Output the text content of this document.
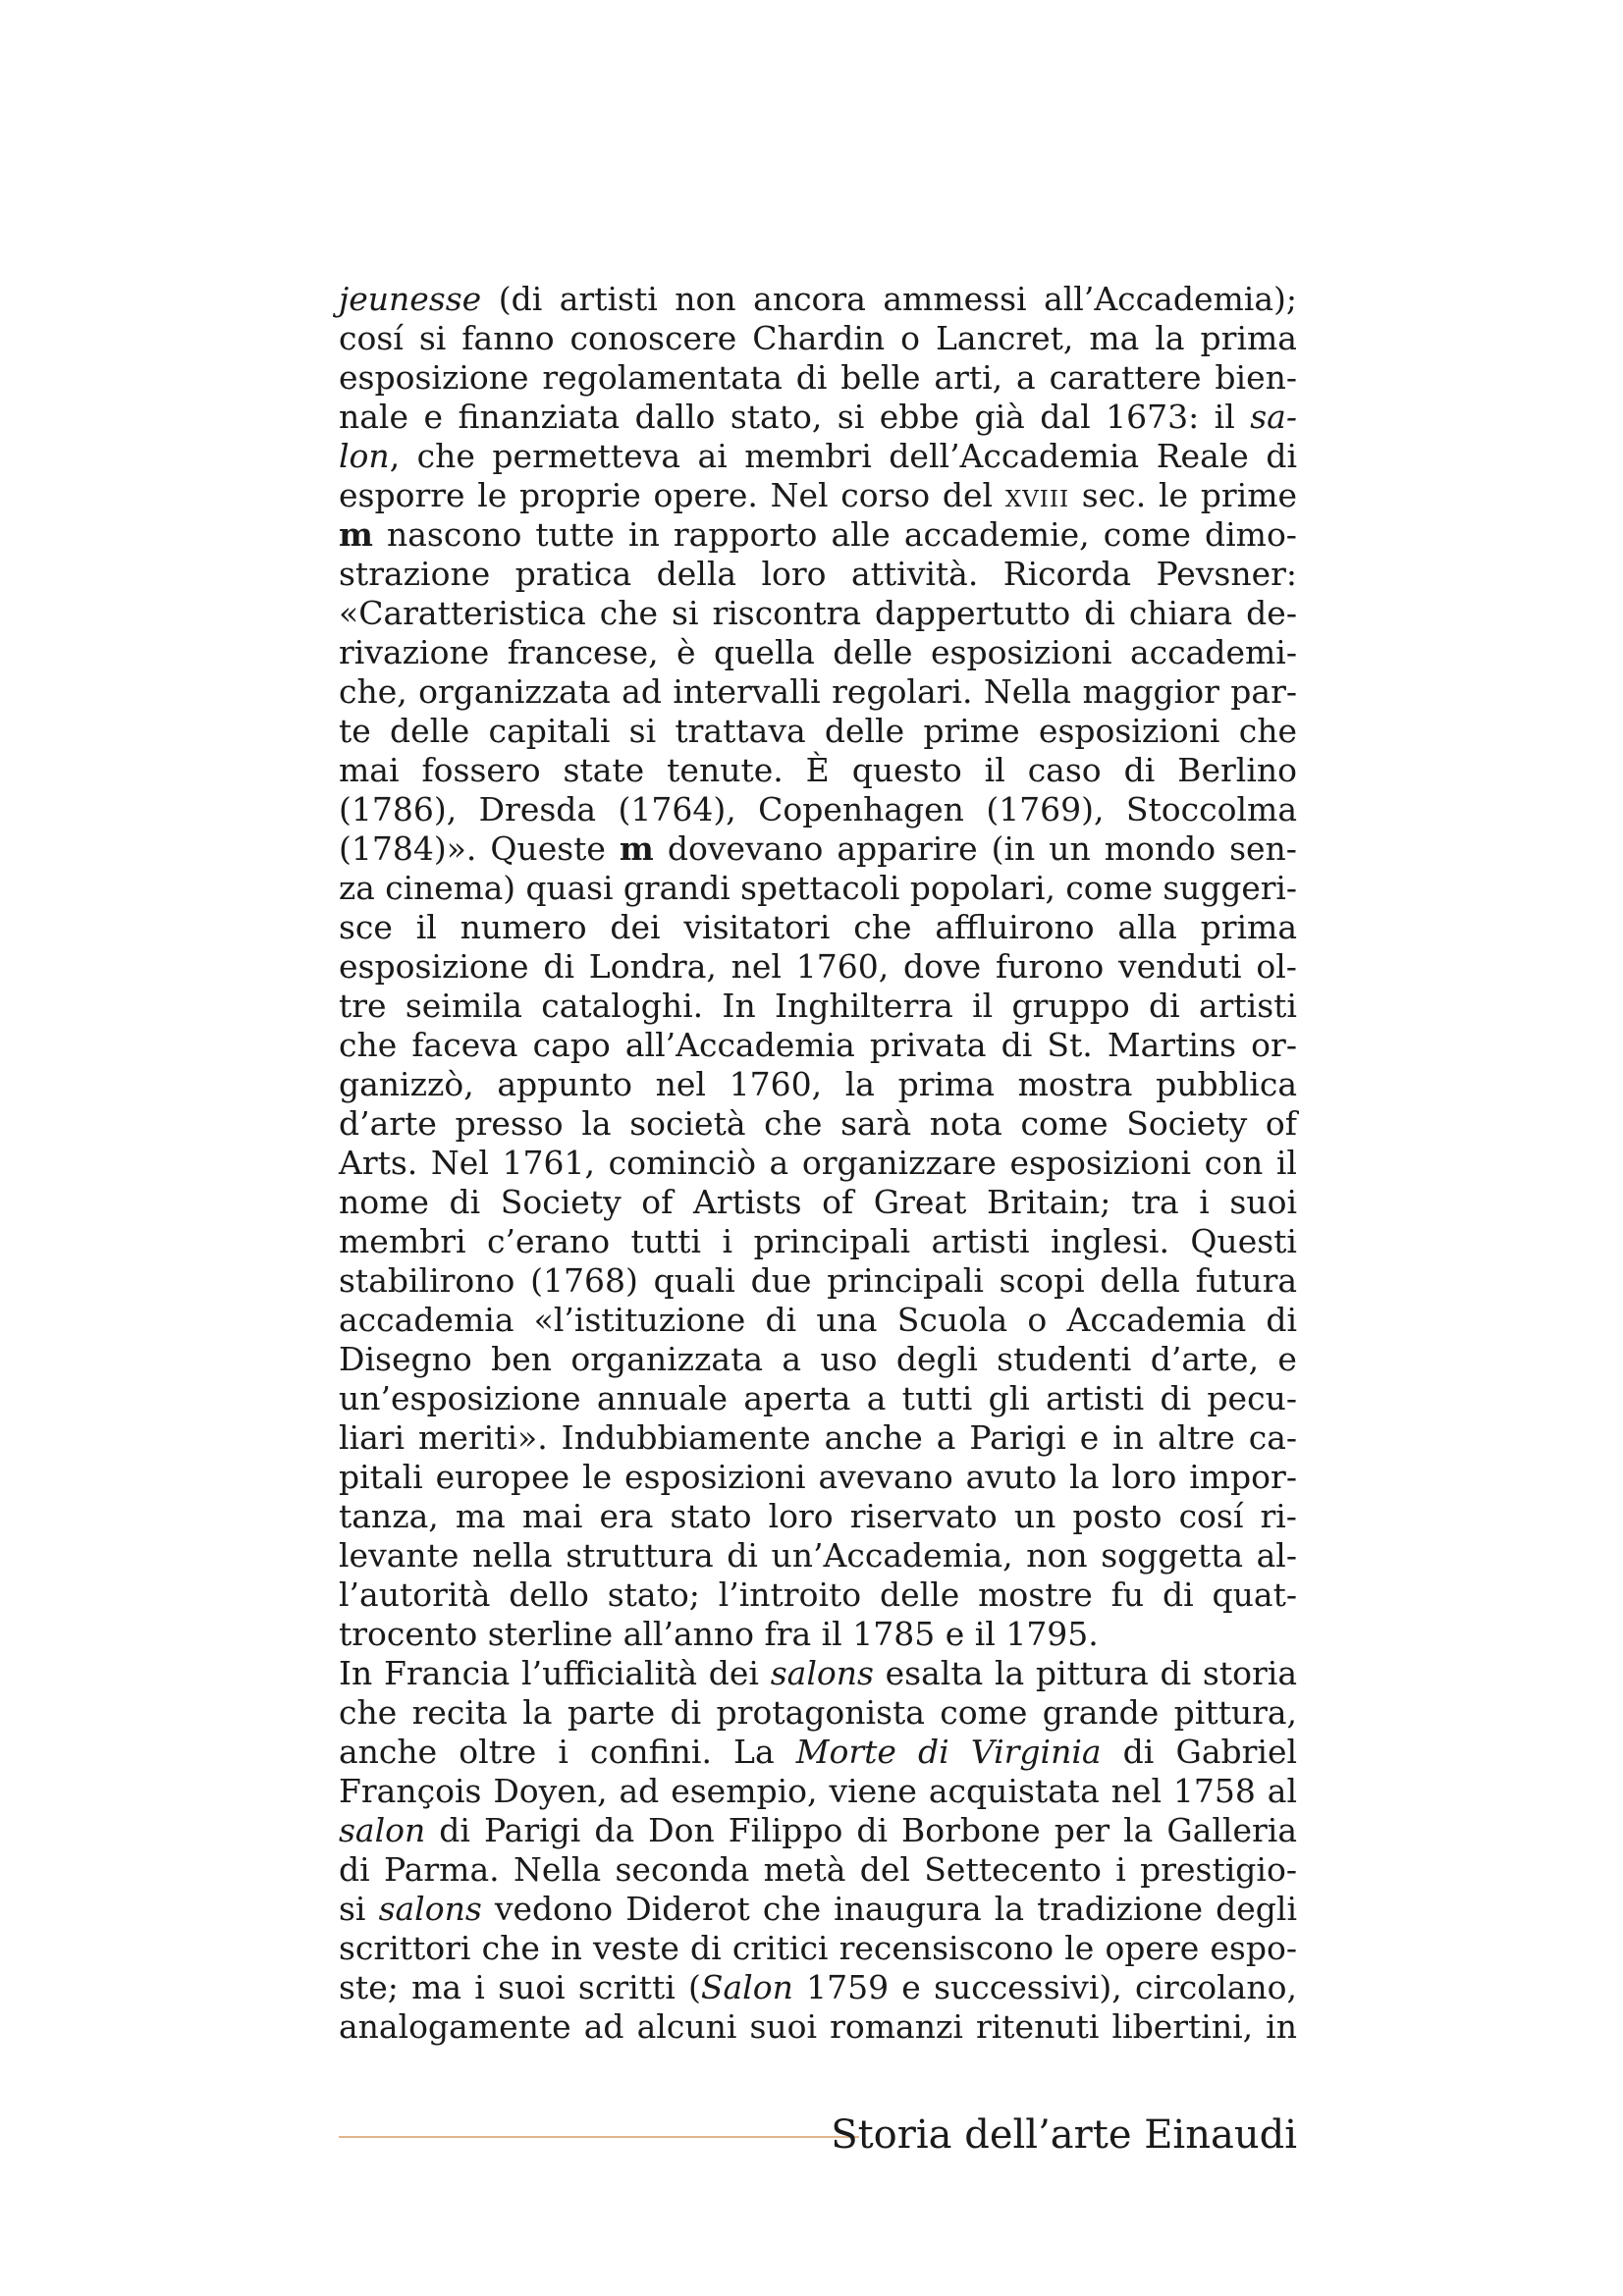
jeunesse (di artisti non ancora ammessi all’Accademia);
cosí si fanno conoscere Chardin o Lancret, ma la prima
esposizione regolamentata di belle arti, a carattere bien-
nale e finanziata dallo stato, si ebbe già dal 1673: il sa-
lon, che permetteva ai membri dell’Accademia Reale di
esporre le proprie opere. Nel corso del xviii sec. le prime
m nascono tutte in rapporto alle accademie, come dimo-
strazione pratica della loro attività. Ricorda Pevsner:
«Caratteristica che si riscontra dappertutto di chiara de-
rivazione francese, è quella delle esposizioni accademi-
che, organizzata ad intervalli regolari. Nella maggior par-
te delle capitali si trattava delle prime esposizioni che
mai fossero state tenute. È questo il caso di Berlino
(1786), Dresda (1764), Copenhagen (1769), Stoccolma
(1784)». Queste m dovevano apparire (in un mondo sen-
za cinema) quasi grandi spettacoli popolari, come suggeri-
sce il numero dei visitatori che affluirono alla prima
esposizione di Londra, nel 1760, dove furono venduti ol-
tre seimila cataloghi. In Inghilterra il gruppo di artisti
che faceva capo all’Accademia privata di St. Martins or-
ganizzò, appunto nel 1760, la prima mostra pubblica
d’arte presso la società che sarà nota come Society of
Arts. Nel 1761, cominciò a organizzare esposizioni con il
nome di Society of Artists of Great Britain; tra i suoi
membri c’erano tutti i principali artisti inglesi. Questi
stabilirono (1768) quali due principali scopi della futura
accademia «l’istituzione di una Scuola o Accademia di
Disegno ben organizzata a uso degli studenti d’arte, e
un’esposizione annuale aperta a tutti gli artisti di pecu-
liari meriti». Indubbiamente anche a Parigi e in altre ca-
pitali europee le esposizioni avevano avuto la loro impor-
tanza, ma mai era stato loro riservato un posto cosí ri-
levante nella struttura di un’Accademia, non soggetta al-
l’autorità dello stato; l’introito delle mostre fu di quat-
trocento sterline all’anno fra il 1785 e il 1795.
In Francia l’ufficialità dei salons esalta la pittura di storia
che recita la parte di protagonista come grande pittura,
anche oltre i confini. La Morte di Virginia di Gabriel
François Doyen, ad esempio, viene acquistata nel 1758 al
salon di Parigi da Don Filippo di Borbone per la Galleria
di Parma. Nella seconda metà del Settecento i prestigio-
si salons vedono Diderot che inaugura la tradizione degli
scrittori che in veste di critici recensiscono le opere espo-
ste; ma i suoi scritti (Salon 1759 e successivi), circolano,
analogamente ad alcuni suoi romanzi ritenuti libertini, in
Storia dell’arte Einaudi
